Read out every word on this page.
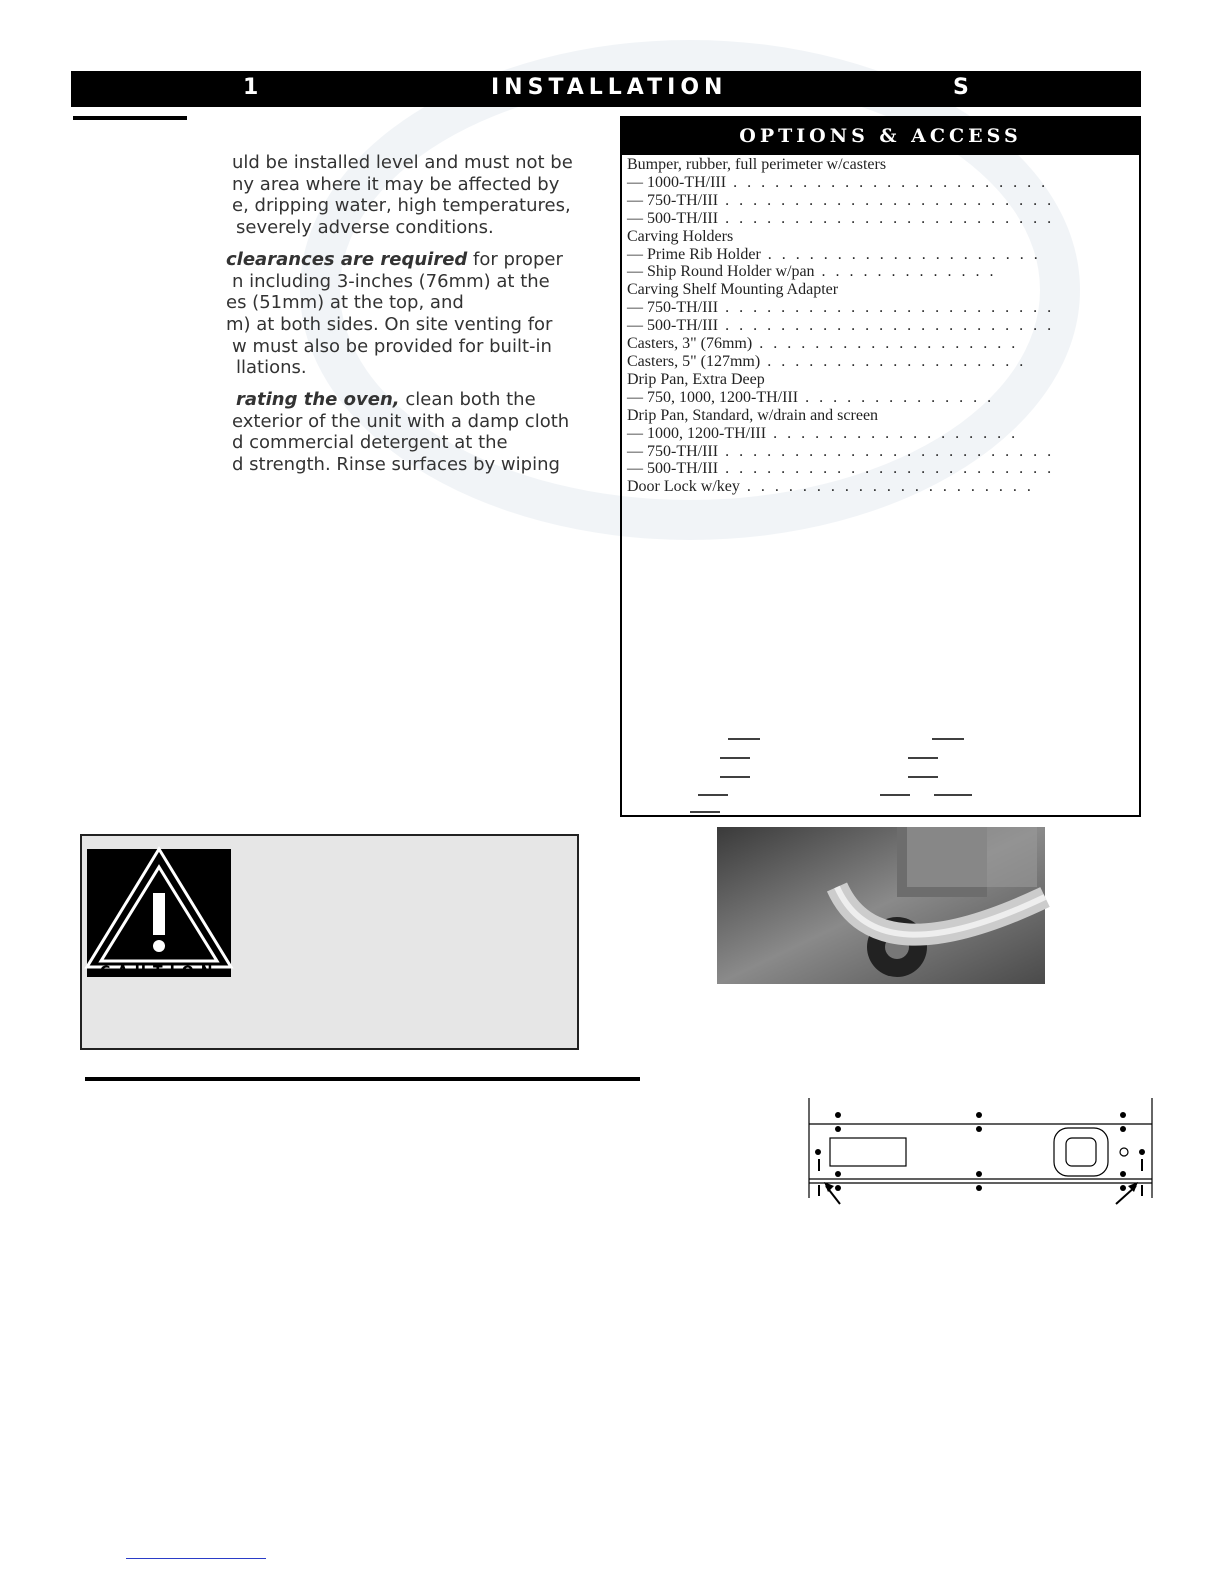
1	INSTALLATION	S

uld be installed level and must not be
ny area where it may be affected by
e, dripping water, high temperatures,
severely adverse conditions.

clearances are required for proper
n including 3-inches (76mm) at the
es (51mm) at the top, and
m) at both sides. On site venting for
w must also be provided for built-in
llations.

rating the oven, clean both the
exterior of the unit with a damp cloth
d commercial detergent at the
d strength. Rinse surfaces by wiping

OPTIONS & ACCESS
Bumper, rubber, full perimeter w/casters
— 1000-TH/III . . . . . . . . . . . . . . . . . . . . . . .
— 750-TH/III . . . . . . . . . . . . . . . . . . . . . . . .
— 500-TH/III . . . . . . . . . . . . . . . . . . . . . . . .
Carving Holders
— Prime Rib Holder . . . . . . . . . . . . . . . . . . . .
— Ship Round Holder w/pan . . . . . . . . . . . . .
Carving Shelf Mounting Adapter
— 750-TH/III . . . . . . . . . . . . . . . . . . . . . . . .
— 500-TH/III . . . . . . . . . . . . . . . . . . . . . . . .
Casters, 3" (76mm) . . . . . . . . . . . . . . . . . . .
Casters, 5" (127mm) . . . . . . . . . . . . . . . . . . .
Drip Pan, Extra Deep
— 750, 1000, 1200-TH/III . . . . . . . . . . . . . .
Drip Pan, Standard, w/drain and screen
— 1000, 1200-TH/III . . . . . . . . . . . . . . . . . .
— 750-TH/III . . . . . . . . . . . . . . . . . . . . . . . .
— 500-TH/III . . . . . . . . . . . . . . . . . . . . . . . .
Door Lock w/key . . . . . . . . . . . . . . . . . . . . .
CAUTION
